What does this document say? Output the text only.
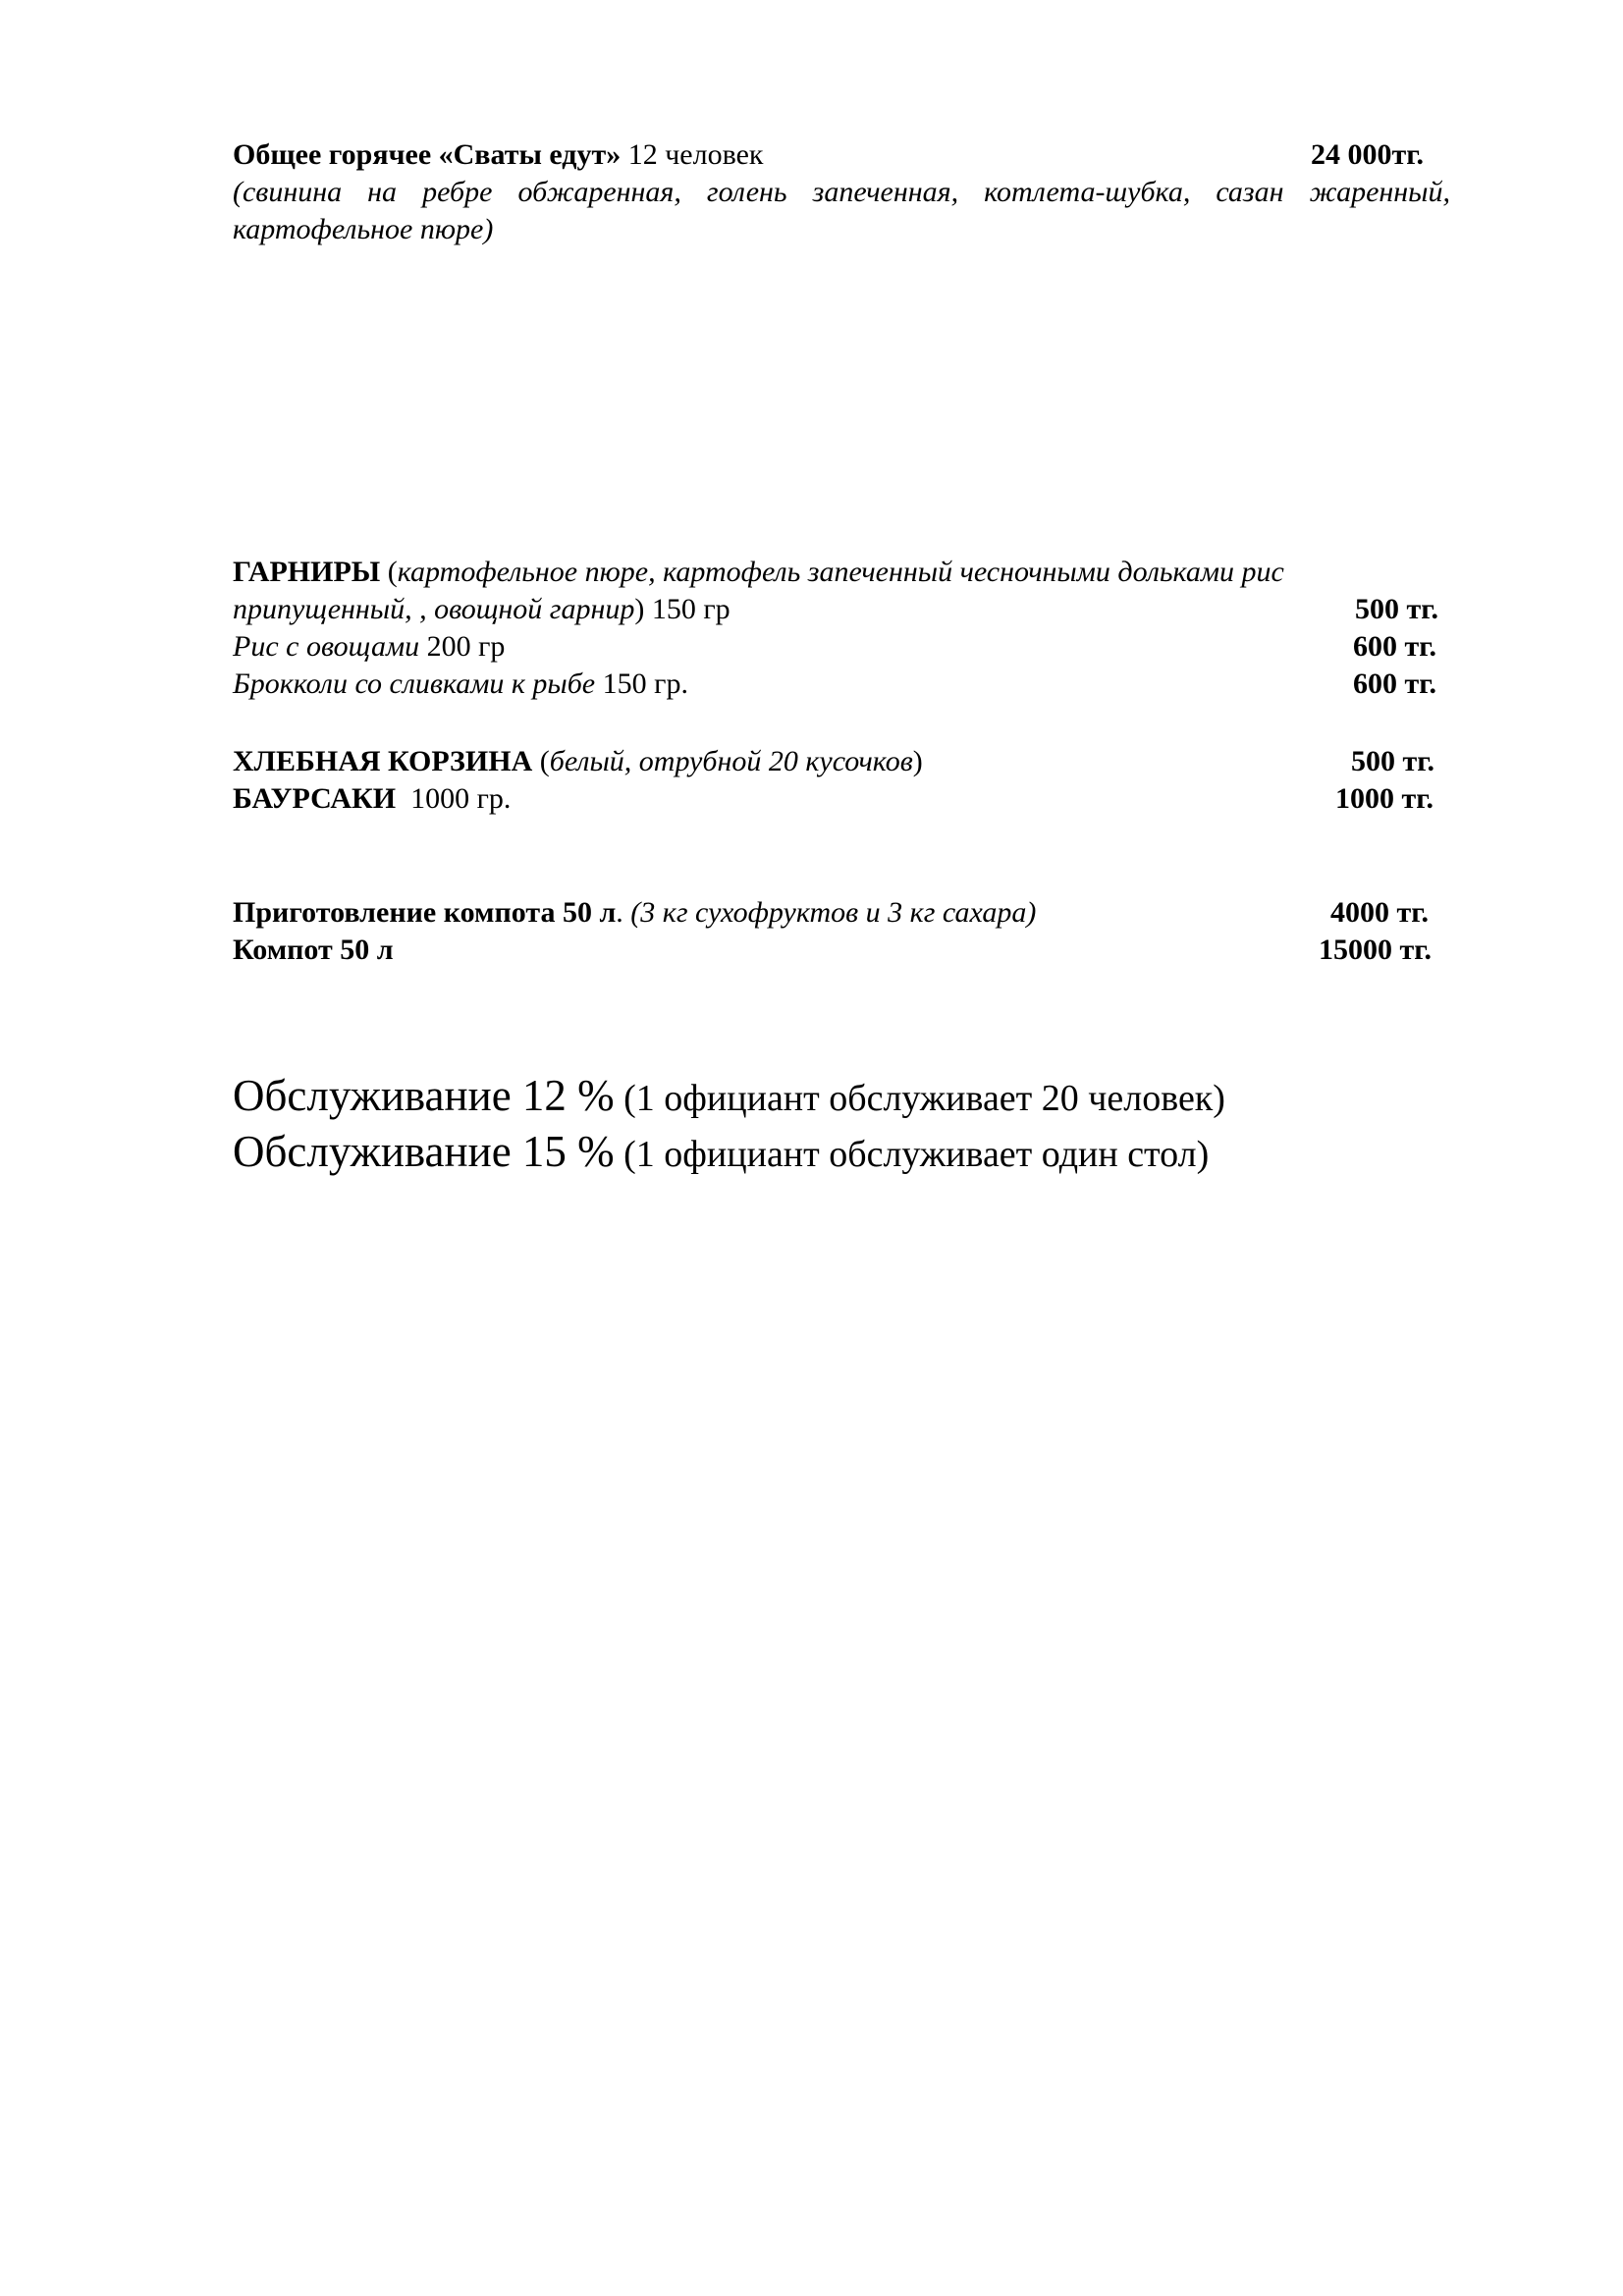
Общее горячее «Сваты едут» 12 человек	24 000тг.
(свинина на ребре обжаренная, голень запеченная, котлета-шубка, сазан жаренный,
картофельное пюре)
ГАРНИРЫ (картофельное пюре, картофель запеченный чесночными дольками рис
припущенный, , овощной гарнир) 150 гр	500 тг.
Рис с овощами 200 гр	600 тг.
Брокколи со сливками к рыбе 150 гр.	600 тг.
ХЛЕБНАЯ КОРЗИНА (белый, отрубной 20 кусочков)	500 тг.
БАУРСАКИ  1000 гр.	1000 тг.
Приготовление компота 50 л. (3 кг сухофруктов и 3 кг сахара)	4000 тг.
Компот 50 л	15000 тг.
Обслуживание 12 % (1 официант обслуживает 20 человек)
Обслуживание 15 % (1 официант обслуживает один стол)
